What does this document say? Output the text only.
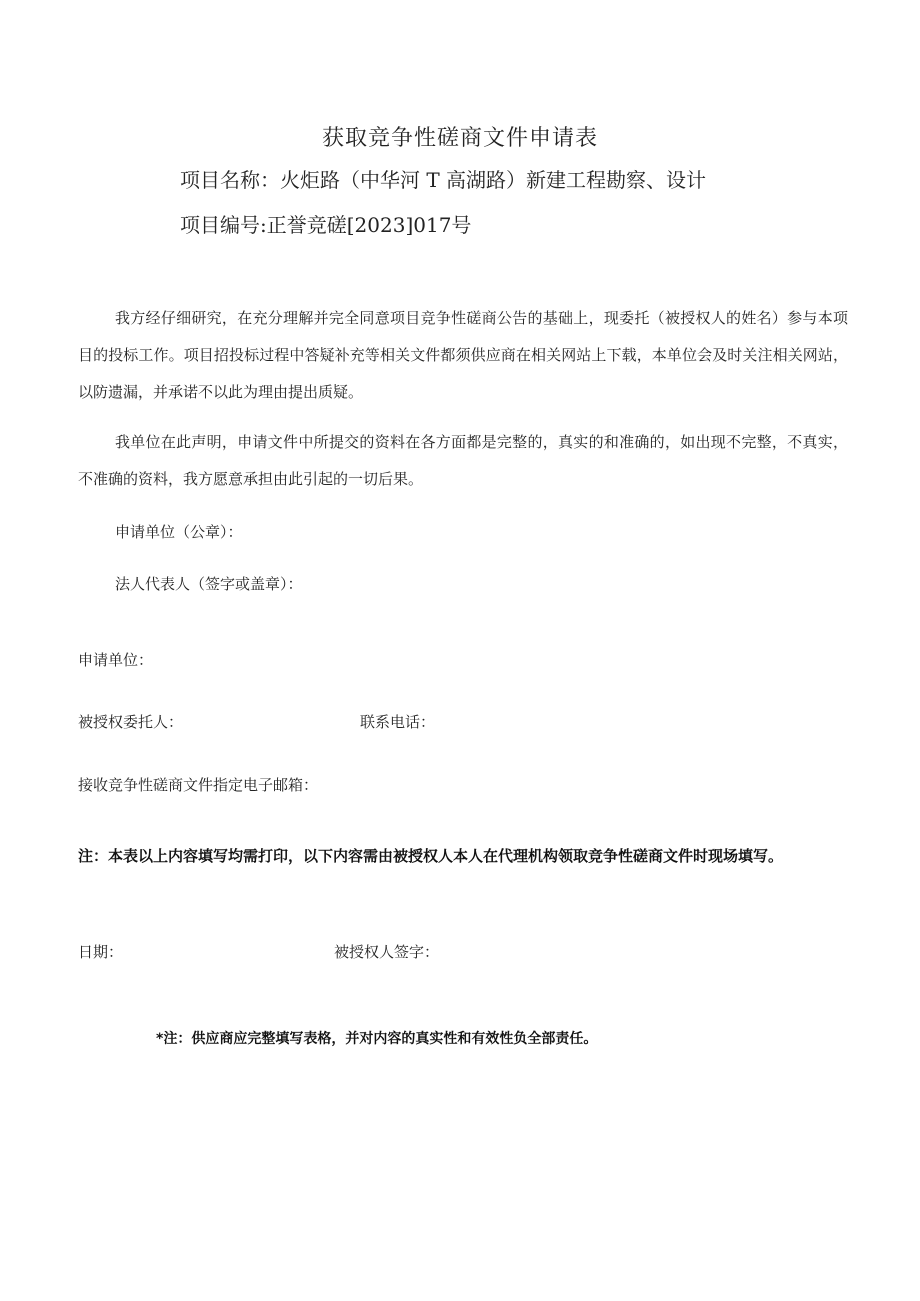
获取竞争性磋商文件申请表
项目名称：火炬路（中华河 T 高湖路）新建工程勘察、设计
项目编号:正誉竞磋[2023]017号
我方经仔细研究，在充分理解并完全同意项目竞争性磋商公告的基础上，现委托（被授权人的姓名）参与本项目的投标工作。项目招投标过程中答疑补充等相关文件都须供应商在相关网站上下载，本单位会及时关注相关网站，以防遗漏，并承诺不以此为理由提出质疑。
我单位在此声明，申请文件中所提交的资料在各方面都是完整的，真实的和准确的，如出现不完整，不真实，不准确的资料，我方愿意承担由此引起的一切后果。
申请单位（公章）：
法人代表人（签字或盖章）：
申请单位：
被授权委托人：	联系电话：
接收竞争性磋商文件指定电子邮箱：
注：本表以上内容填写均需打印，以下内容需由被授权人本人在代理机构领取竞争性磋商文件时现场填写。
日期：	被授权人签字：
*注：供应商应完整填写表格，并对内容的真实性和有效性负全部责任。
